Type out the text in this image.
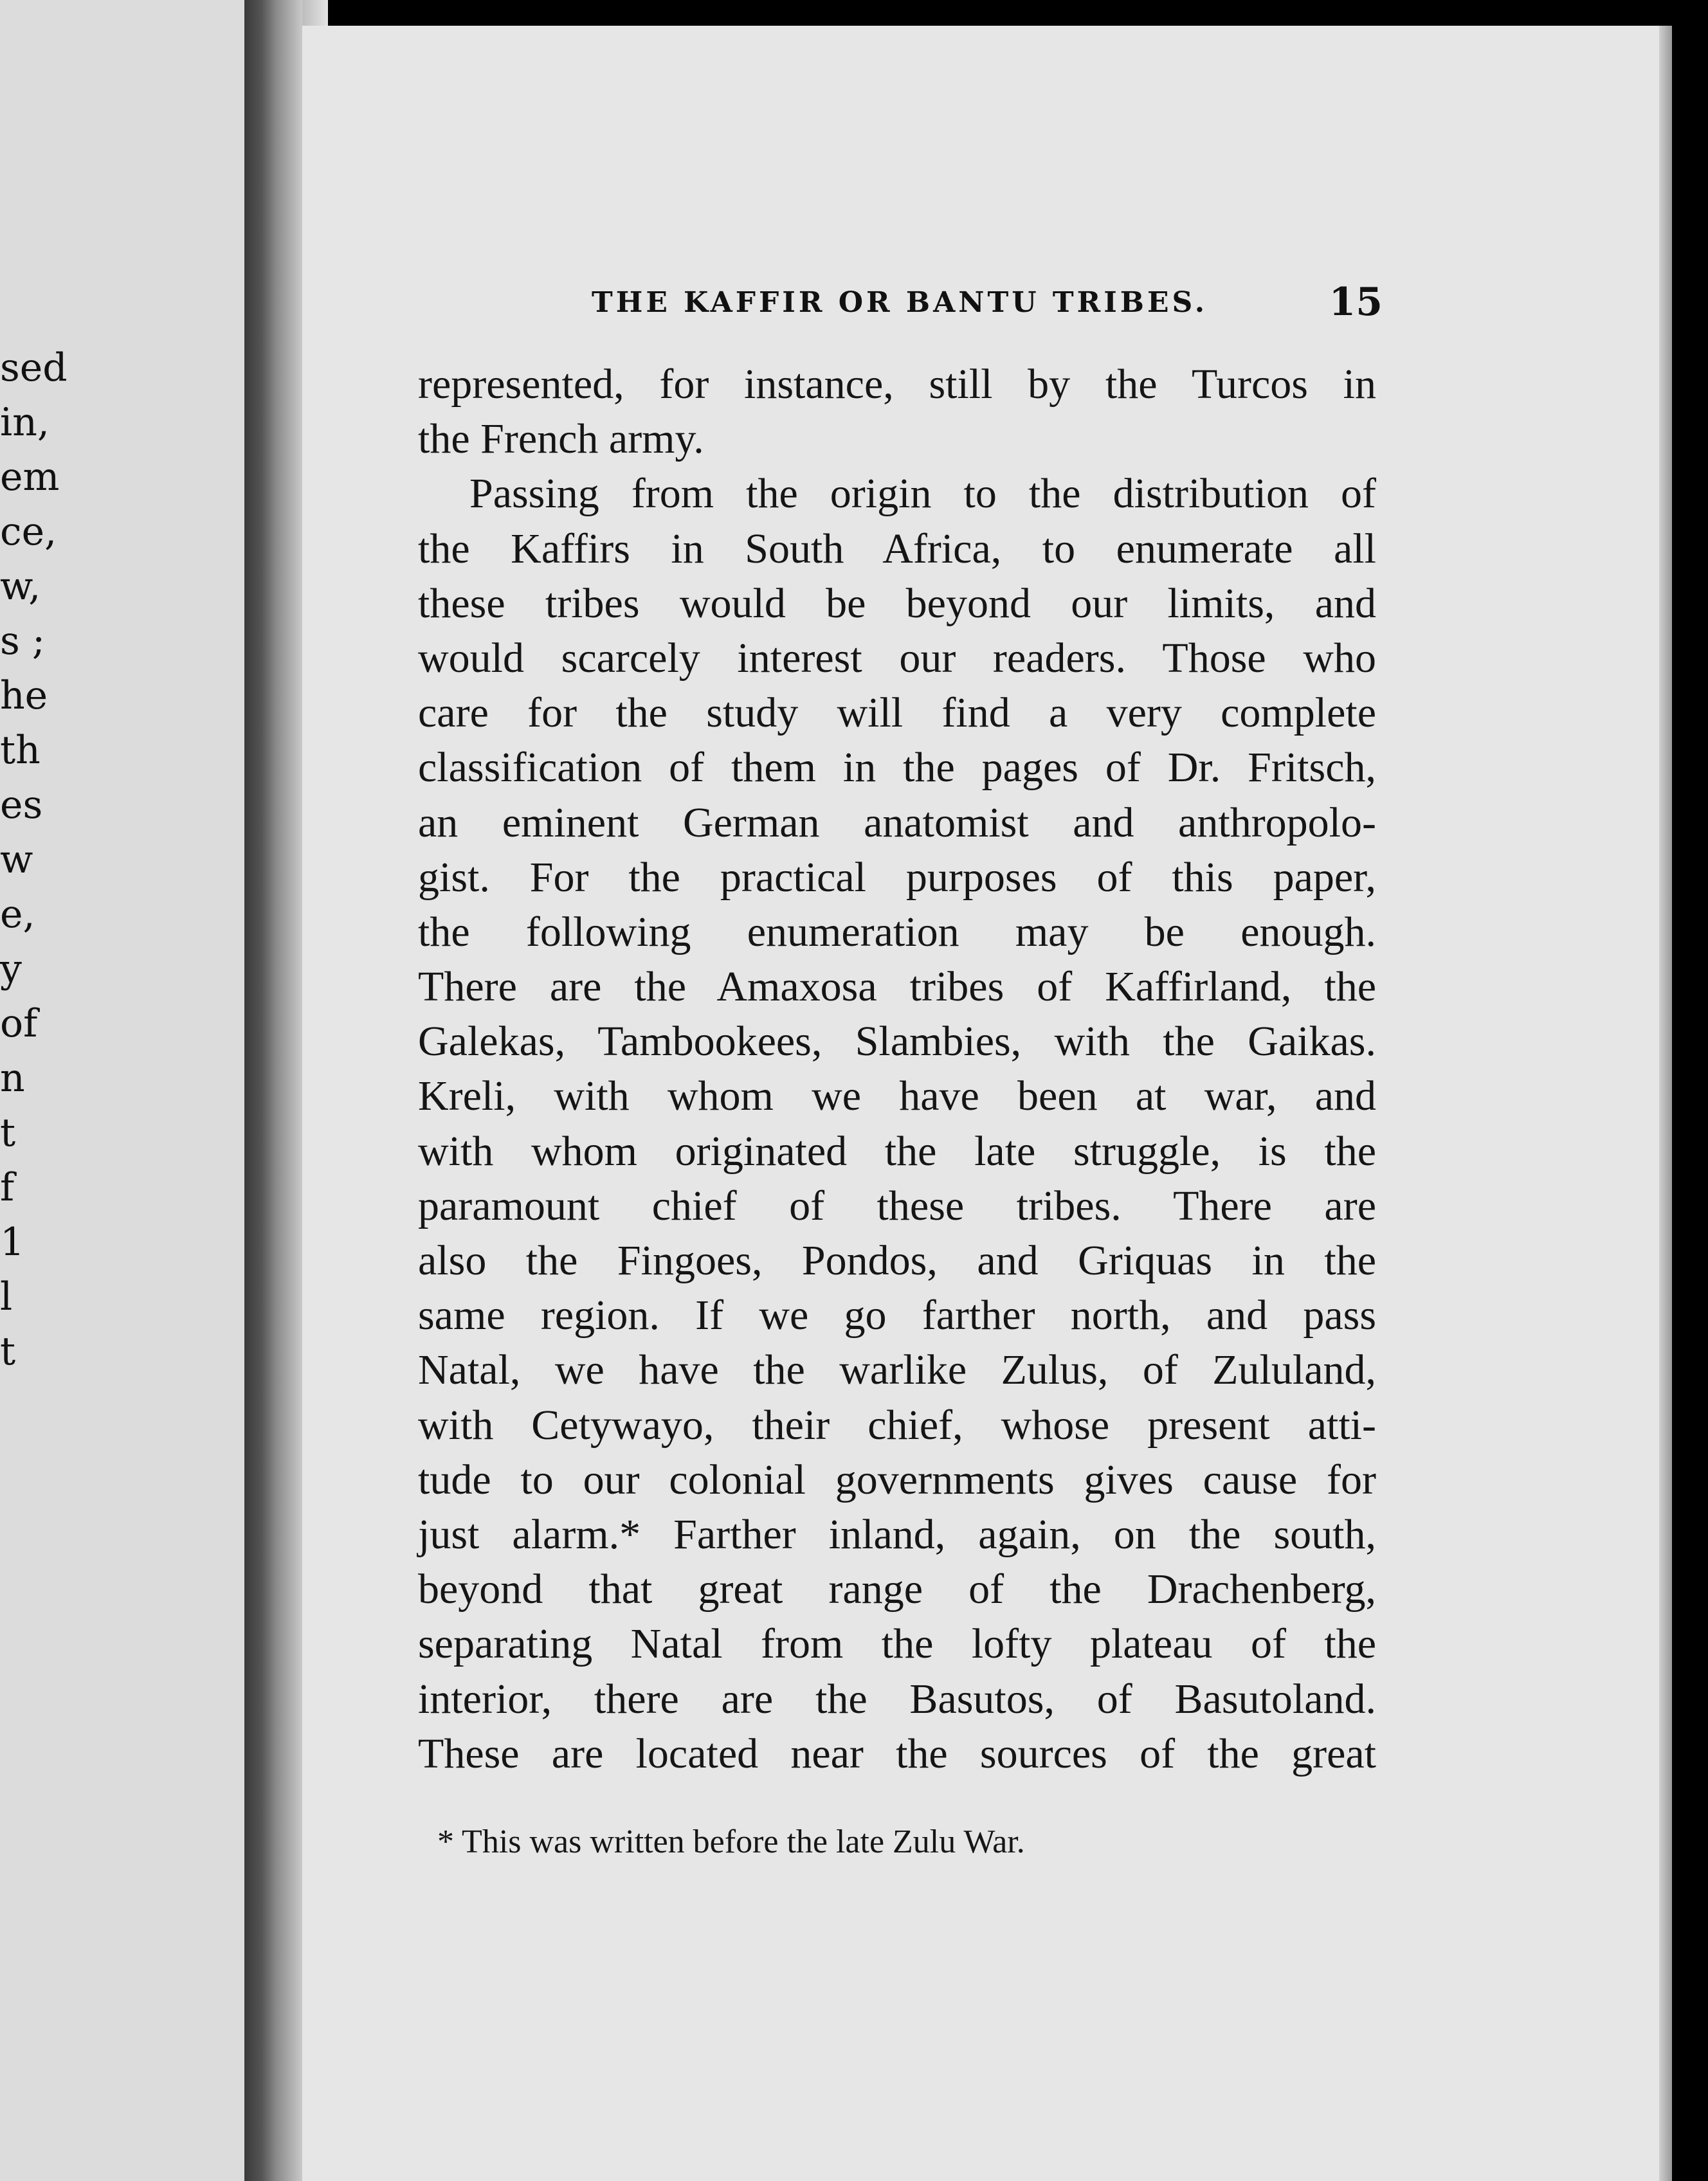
sed
in,
em
ce,
w,
s ;
he
th
es
w
e,
y
of
n
t
f
1
l
t
THE KAFFIR OR BANTU TRIBES.	15
represented, for instance, still by the Turcos in
the French army.
Passing from the origin to the distribution of
the Kaffirs in South Africa, to enumerate all
these tribes would be beyond our limits, and
would scarcely interest our readers. Those who
care for the study will find a very complete
classification of them in the pages of Dr. Fritsch,
an eminent German anatomist and anthropolo-
gist. For the practical purposes of this paper,
the following enumeration may be enough.
There are the Amaxosa tribes of Kaffirland, the
Galekas, Tambookees, Slambies, with the Gaikas.
Kreli, with whom we have been at war, and
with whom originated the late struggle, is the
paramount chief of these tribes. There are
also the Fingoes, Pondos, and Griquas in the
same region. If we go farther north, and pass
Natal, we have the warlike Zulus, of Zululand,
with Cetywayo, their chief, whose present atti-
tude to our colonial governments gives cause for
just alarm.* Farther inland, again, on the south,
beyond that great range of the Drachenberg,
separating Natal from the lofty plateau of the
interior, there are the Basutos, of Basutoland.
These are located near the sources of the great
* This was written before the late Zulu War.
